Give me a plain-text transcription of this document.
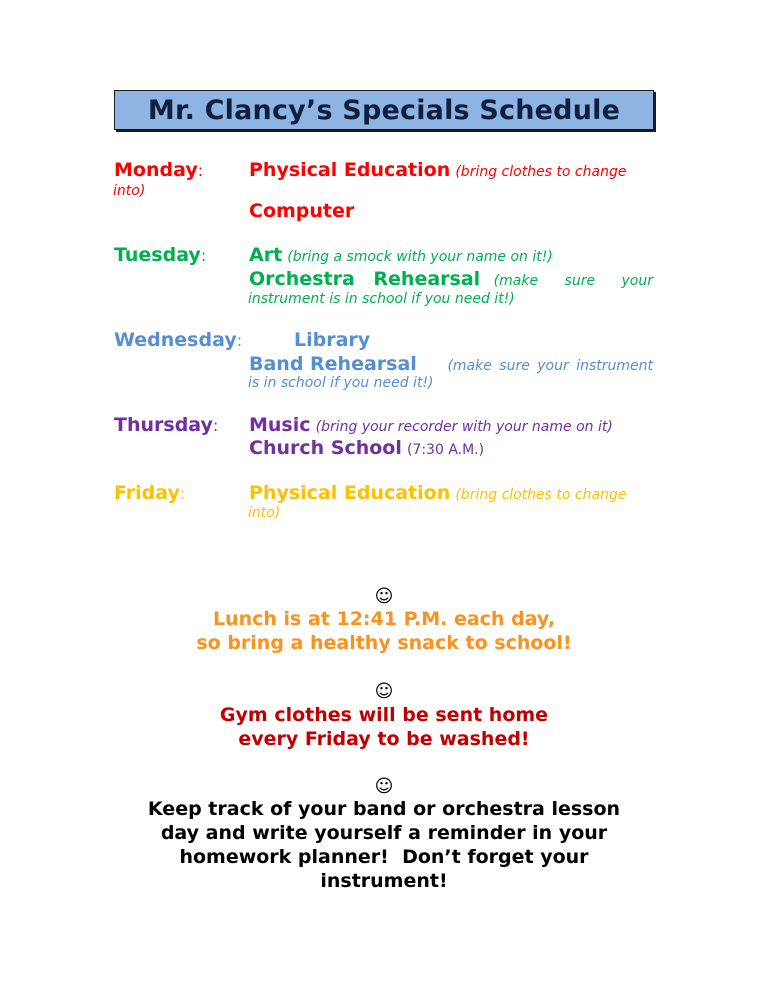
Mr. Clancy’s Specials Schedule
Monday: Physical Education (bring clothes to change
into)
Computer
Tuesday: Art (bring a smock with your name on it!)
Orchestra Rehearsal (make sure your
instrument is in school if you need it!)
Wednesday:	Library
Band Rehearsal (make sure your instrument
is in school if you need it!)
Thursday: Music (bring your recorder with your name on it)
Church School (7:30 A.M.)
Friday:	Physical Education (bring clothes to change
into)
☺
Lunch is at 12:41 P.M. each day,
so bring a healthy snack to school!
☺
Gym clothes will be sent home
every Friday to be washed!
☺
Keep track of your band or orchestra lesson
day and write yourself a reminder in your
homework planner!  Don’t forget your
instrument!
